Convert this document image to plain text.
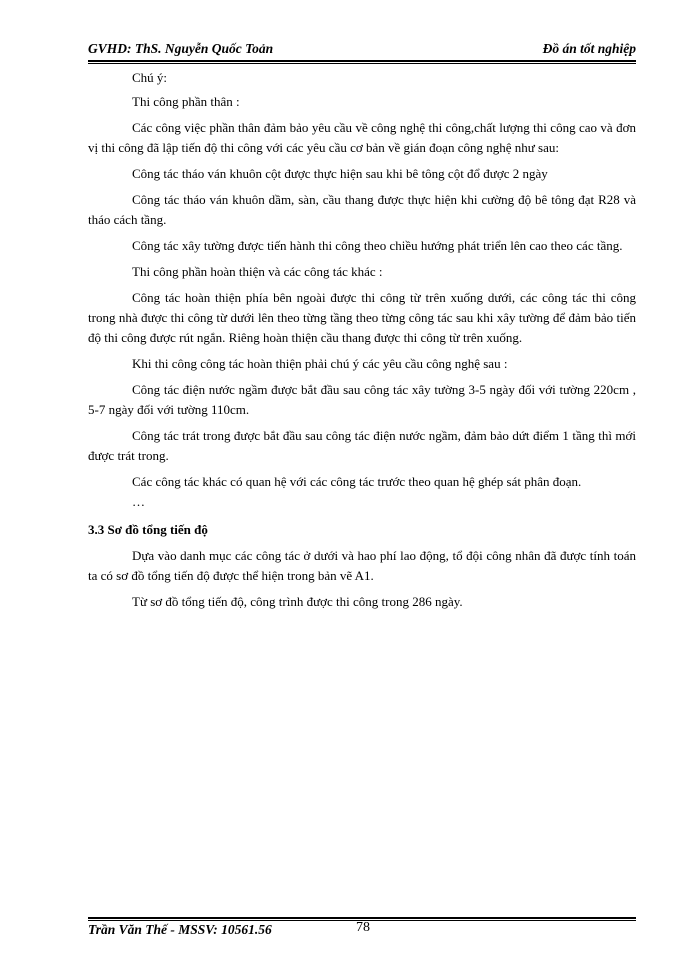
GVHD: ThS. Nguyễn Quốc Toản	Đồ án tốt nghiệp

Chú ý:

Thi công phần thân :

Các công việc phần thân đảm bảo yêu cầu về công nghệ thi công,chất lượng thi công cao và đơn vị thi công đã lập tiến độ thi công với các yêu cầu cơ bản về gián đoạn công nghệ như sau:

Công tác tháo ván khuôn cột được thực hiện sau khi bê tông cột đổ được 2 ngày

Công tác tháo ván khuôn dầm, sàn, cầu thang được thực hiện khi cường độ bê tông đạt R28 và tháo cách tầng.

Công tác xây tường được tiến hành thi công theo chiều hướng phát triển lên cao theo các tầng.

Thi công phần hoàn thiện và các công tác khác :

Công tác hoàn thiện phía bên ngoài được thi công từ trên xuống dưới, các công tác thi công trong nhà được thi công từ dưới lên theo từng tầng theo từng công tác sau khi xây tường để đảm bảo tiến độ thi công được rút ngắn. Riêng hoàn thiện cầu thang được thi công từ trên xuống.

Khi thi công công tác hoàn thiện phải chú ý các yêu cầu công nghệ sau :

Công tác điện nước ngầm được bắt đầu sau công tác xây tường 3-5 ngày đối với tường 220cm , 5-7 ngày đối với tường 110cm.

Công tác trát trong được bắt đầu sau công tác điện nước ngầm, đảm bảo dứt điểm 1 tầng thì mới được trát trong.

Các công tác khác có quan hệ với các công tác trước theo quan hệ ghép sát phân đoạn.

…

3.3 Sơ đồ tổng tiến độ

Dựa vào danh mục các công tác ở dưới và hao phí lao động, tổ đội công nhân đã được tính toán ta có sơ đồ tổng tiến độ được thể hiện trong bản vẽ A1.

Từ sơ đồ tổng tiến độ, công trình được thi công trong 286 ngày.

Trần Văn Thế - MSSV: 10561.56	78
